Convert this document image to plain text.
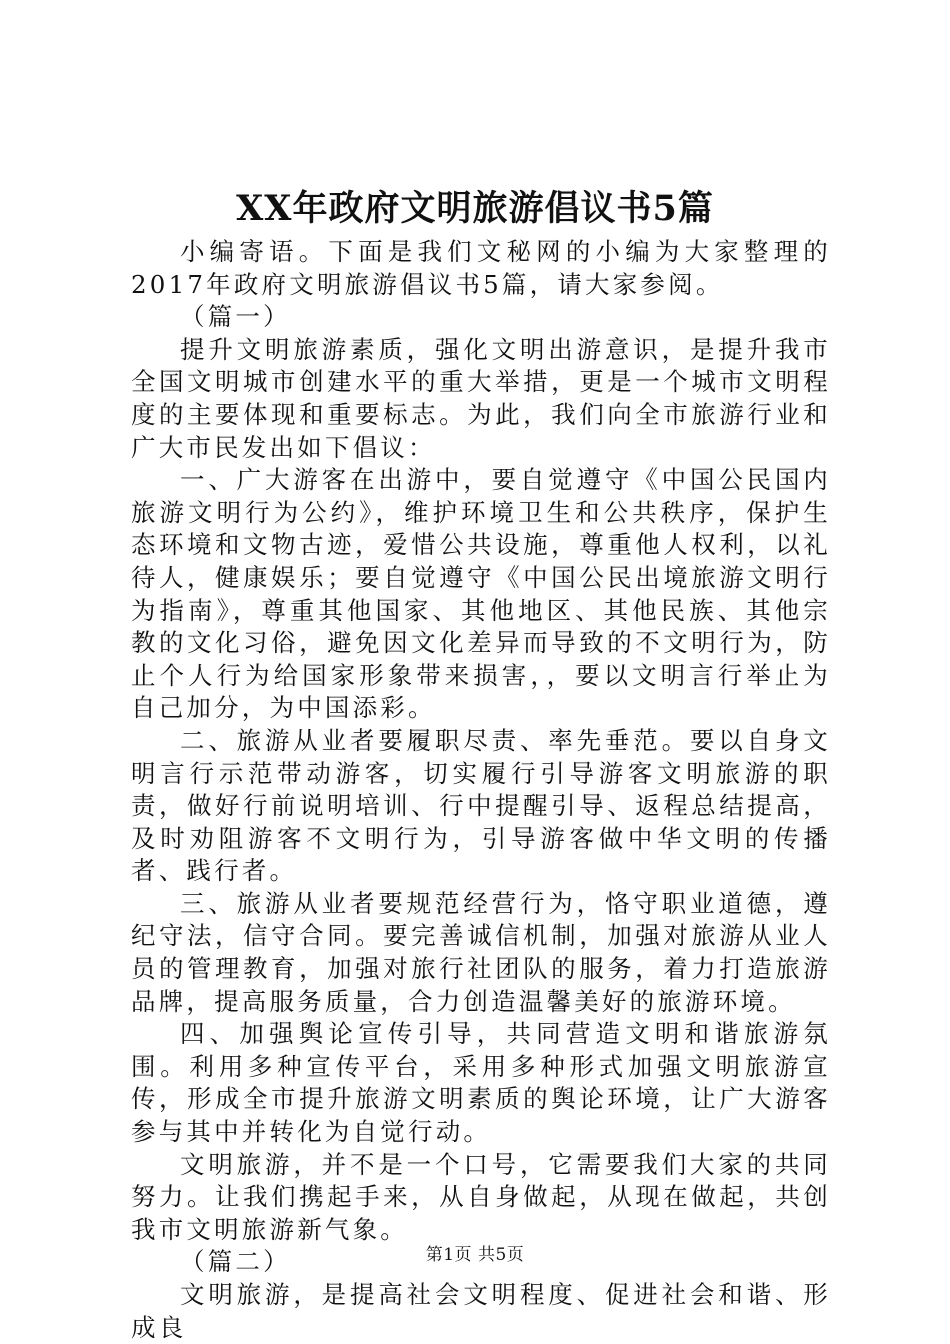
XX年政府文明旅游倡议书5篇

小编寄语。下面是我们文秘网的小编为大家整理的2017年政府文明旅游倡议书5篇，请大家参阅。

（篇一）

提升文明旅游素质，强化文明出游意识，是提升我市全国文明城市创建水平的重大举措，更是一个城市文明程度的主要体现和重要标志。为此，我们向全市旅游行业和广大市民发出如下倡议：

一、广大游客在出游中，要自觉遵守《中国公民国内旅游文明行为公约》，维护环境卫生和公共秩序，保护生态环境和文物古迹，爱惜公共设施，尊重他人权利，以礼待人，健康娱乐；要自觉遵守《中国公民出境旅游文明行为指南》，尊重其他国家、其他地区、其他民族、其他宗教的文化习俗，避免因文化差异而导致的不文明行为，防止个人行为给国家形象带来损害，，要以文明言行举止为自己加分，为中国添彩。

二、旅游从业者要履职尽责、率先垂范。要以自身文明言行示范带动游客，切实履行引导游客文明旅游的职责，做好行前说明培训、行中提醒引导、返程总结提高，及时劝阻游客不文明行为，引导游客做中华文明的传播者、践行者。

三、旅游从业者要规范经营行为，恪守职业道德，遵纪守法，信守合同。要完善诚信机制，加强对旅游从业人员的管理教育，加强对旅行社团队的服务，着力打造旅游品牌，提高服务质量，合力创造温馨美好的旅游环境。

四、加强舆论宣传引导，共同营造文明和谐旅游氛围。利用多种宣传平台，采用多种形式加强文明旅游宣传，形成全市提升旅游文明素质的舆论环境，让广大游客参与其中并转化为自觉行动。

文明旅游，并不是一个口号，它需要我们大家的共同努力。让我们携起手来，从自身做起，从现在做起，共创我市文明旅游新气象。

（篇二）

文明旅游，是提高社会文明程度、促进社会和谐、形成良

第1页 共5页
